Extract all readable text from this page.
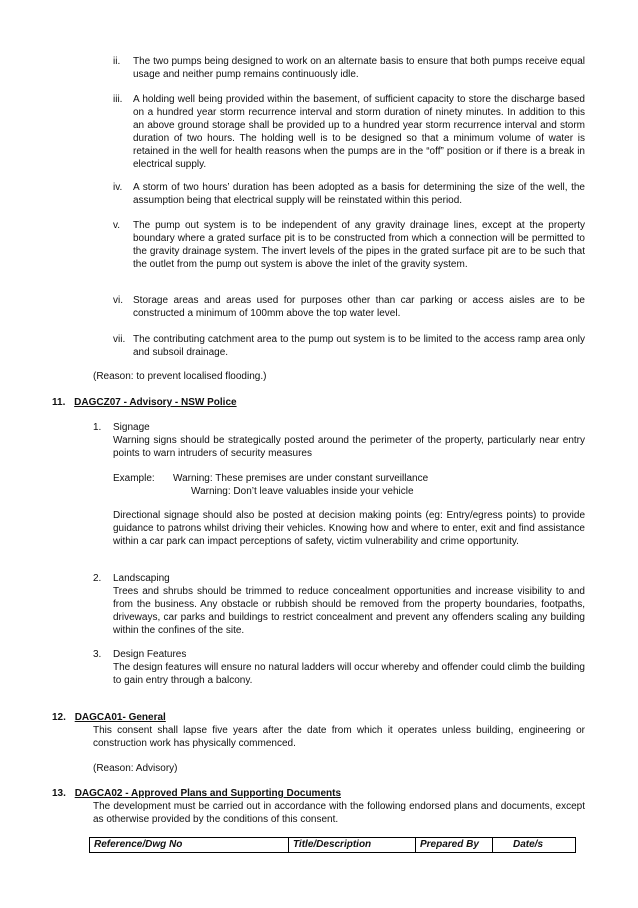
ii. The two pumps being designed to work on an alternate basis to ensure that both pumps receive equal usage and neither pump remains continuously idle.

iii. A holding well being provided within the basement, of sufficient capacity to store the discharge based on a hundred year storm recurrence interval and storm duration of ninety minutes. In addition to this an above ground storage shall be provided up to a hundred year storm recurrence interval and storm duration of two hours. The holding well is to be designed so that a minimum volume of water is retained in the well for health reasons when the pumps are in the “off” position or if there is a break in electrical supply.

iv. A storm of two hours’ duration has been adopted as a basis for determining the size of the well, the assumption being that electrical supply will be reinstated within this period.

v. The pump out system is to be independent of any gravity drainage lines, except at the property boundary where a grated surface pit is to be constructed from which a connection will be permitted to the gravity drainage system. The invert levels of the pipes in the grated surface pit are to be such that the outlet from the pump out system is above the inlet of the gravity system.

vi. Storage areas and areas used for purposes other than car parking or access aisles are to be constructed a minimum of 100mm above the top water level.

vii. The contributing catchment area to the pump out system is to be limited to the access ramp area only and subsoil drainage.

(Reason: to prevent localised flooding.)
11. DAGCZ07 - Advisory - NSW Police
1. Signage

Warning signs should be strategically posted around the perimeter of the property, particularly near entry points to warn intruders of security measures

Example: Warning: These premises are under constant surveillance
Warning: Don’t leave valuables inside your vehicle

Directional signage should also be posted at decision making points (eg: Entry/egress points) to provide guidance to patrons whilst driving their vehicles. Knowing how and where to enter, exit and find assistance within a car park can impact perceptions of safety, victim vulnerability and crime opportunity.

2. Landscaping

Trees and shrubs should be trimmed to reduce concealment opportunities and increase visibility to and from the business. Any obstacle or rubbish should be removed from the property boundaries, footpaths, driveways, car parks and buildings to restrict concealment and prevent any offenders scaling any building within the confines of the site.

3. Design Features

The design features will ensure no natural ladders will occur whereby and offender could climb the building to gain entry through a balcony.

12. DAGCA01- General

This consent shall lapse five years after the date from which it operates unless building, engineering or construction work has physically commenced.

(Reason: Advisory)
13. DAGCA02 - Approved Plans and Supporting Documents

The development must be carried out in accordance with the following endorsed plans and documents, except as otherwise provided by the conditions of this consent.

Reference/Dwg No	Title/Description	Prepared By	Date/s
